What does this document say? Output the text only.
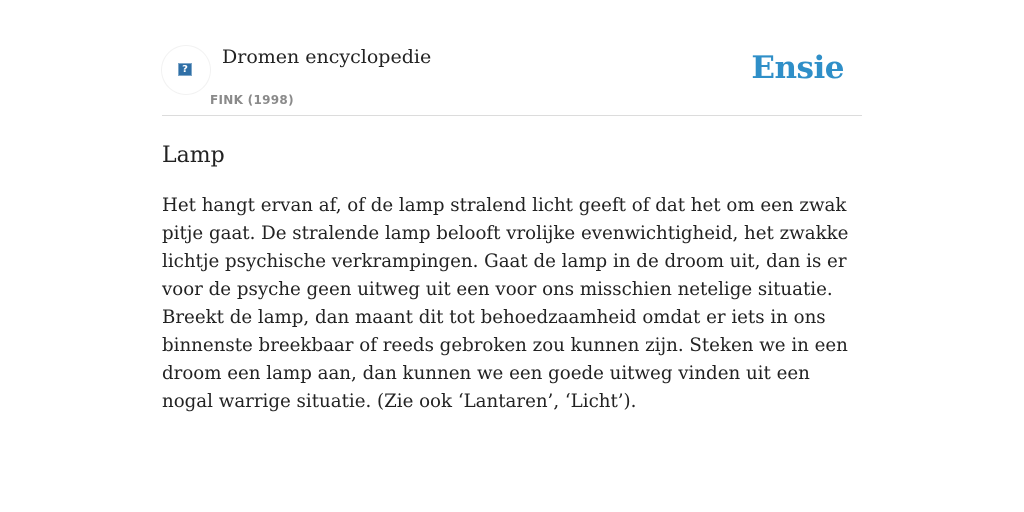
?
Dromen encyclopedie
FINK (1998)
Ensie
Lamp

Het hangt ervan af, of de lamp stralend licht geeft of dat het om een zwak pitje gaat. De stralende lamp belooft vrolijke evenwichtigheid, het zwakke lichtje psychische verkrampingen. Gaat de lamp in de droom uit, dan is er voor de psyche geen uitweg uit een voor ons misschien netelige situatie. Breekt de lamp, dan maant dit tot behoedzaamheid omdat er iets in ons binnenste breekbaar of reeds gebroken zou kunnen zijn. Steken we in een droom een lamp aan, dan kunnen we een goede uitweg vinden uit een nogal warrige situatie. (Zie ook ‘Lantaren’, ‘Licht’).
